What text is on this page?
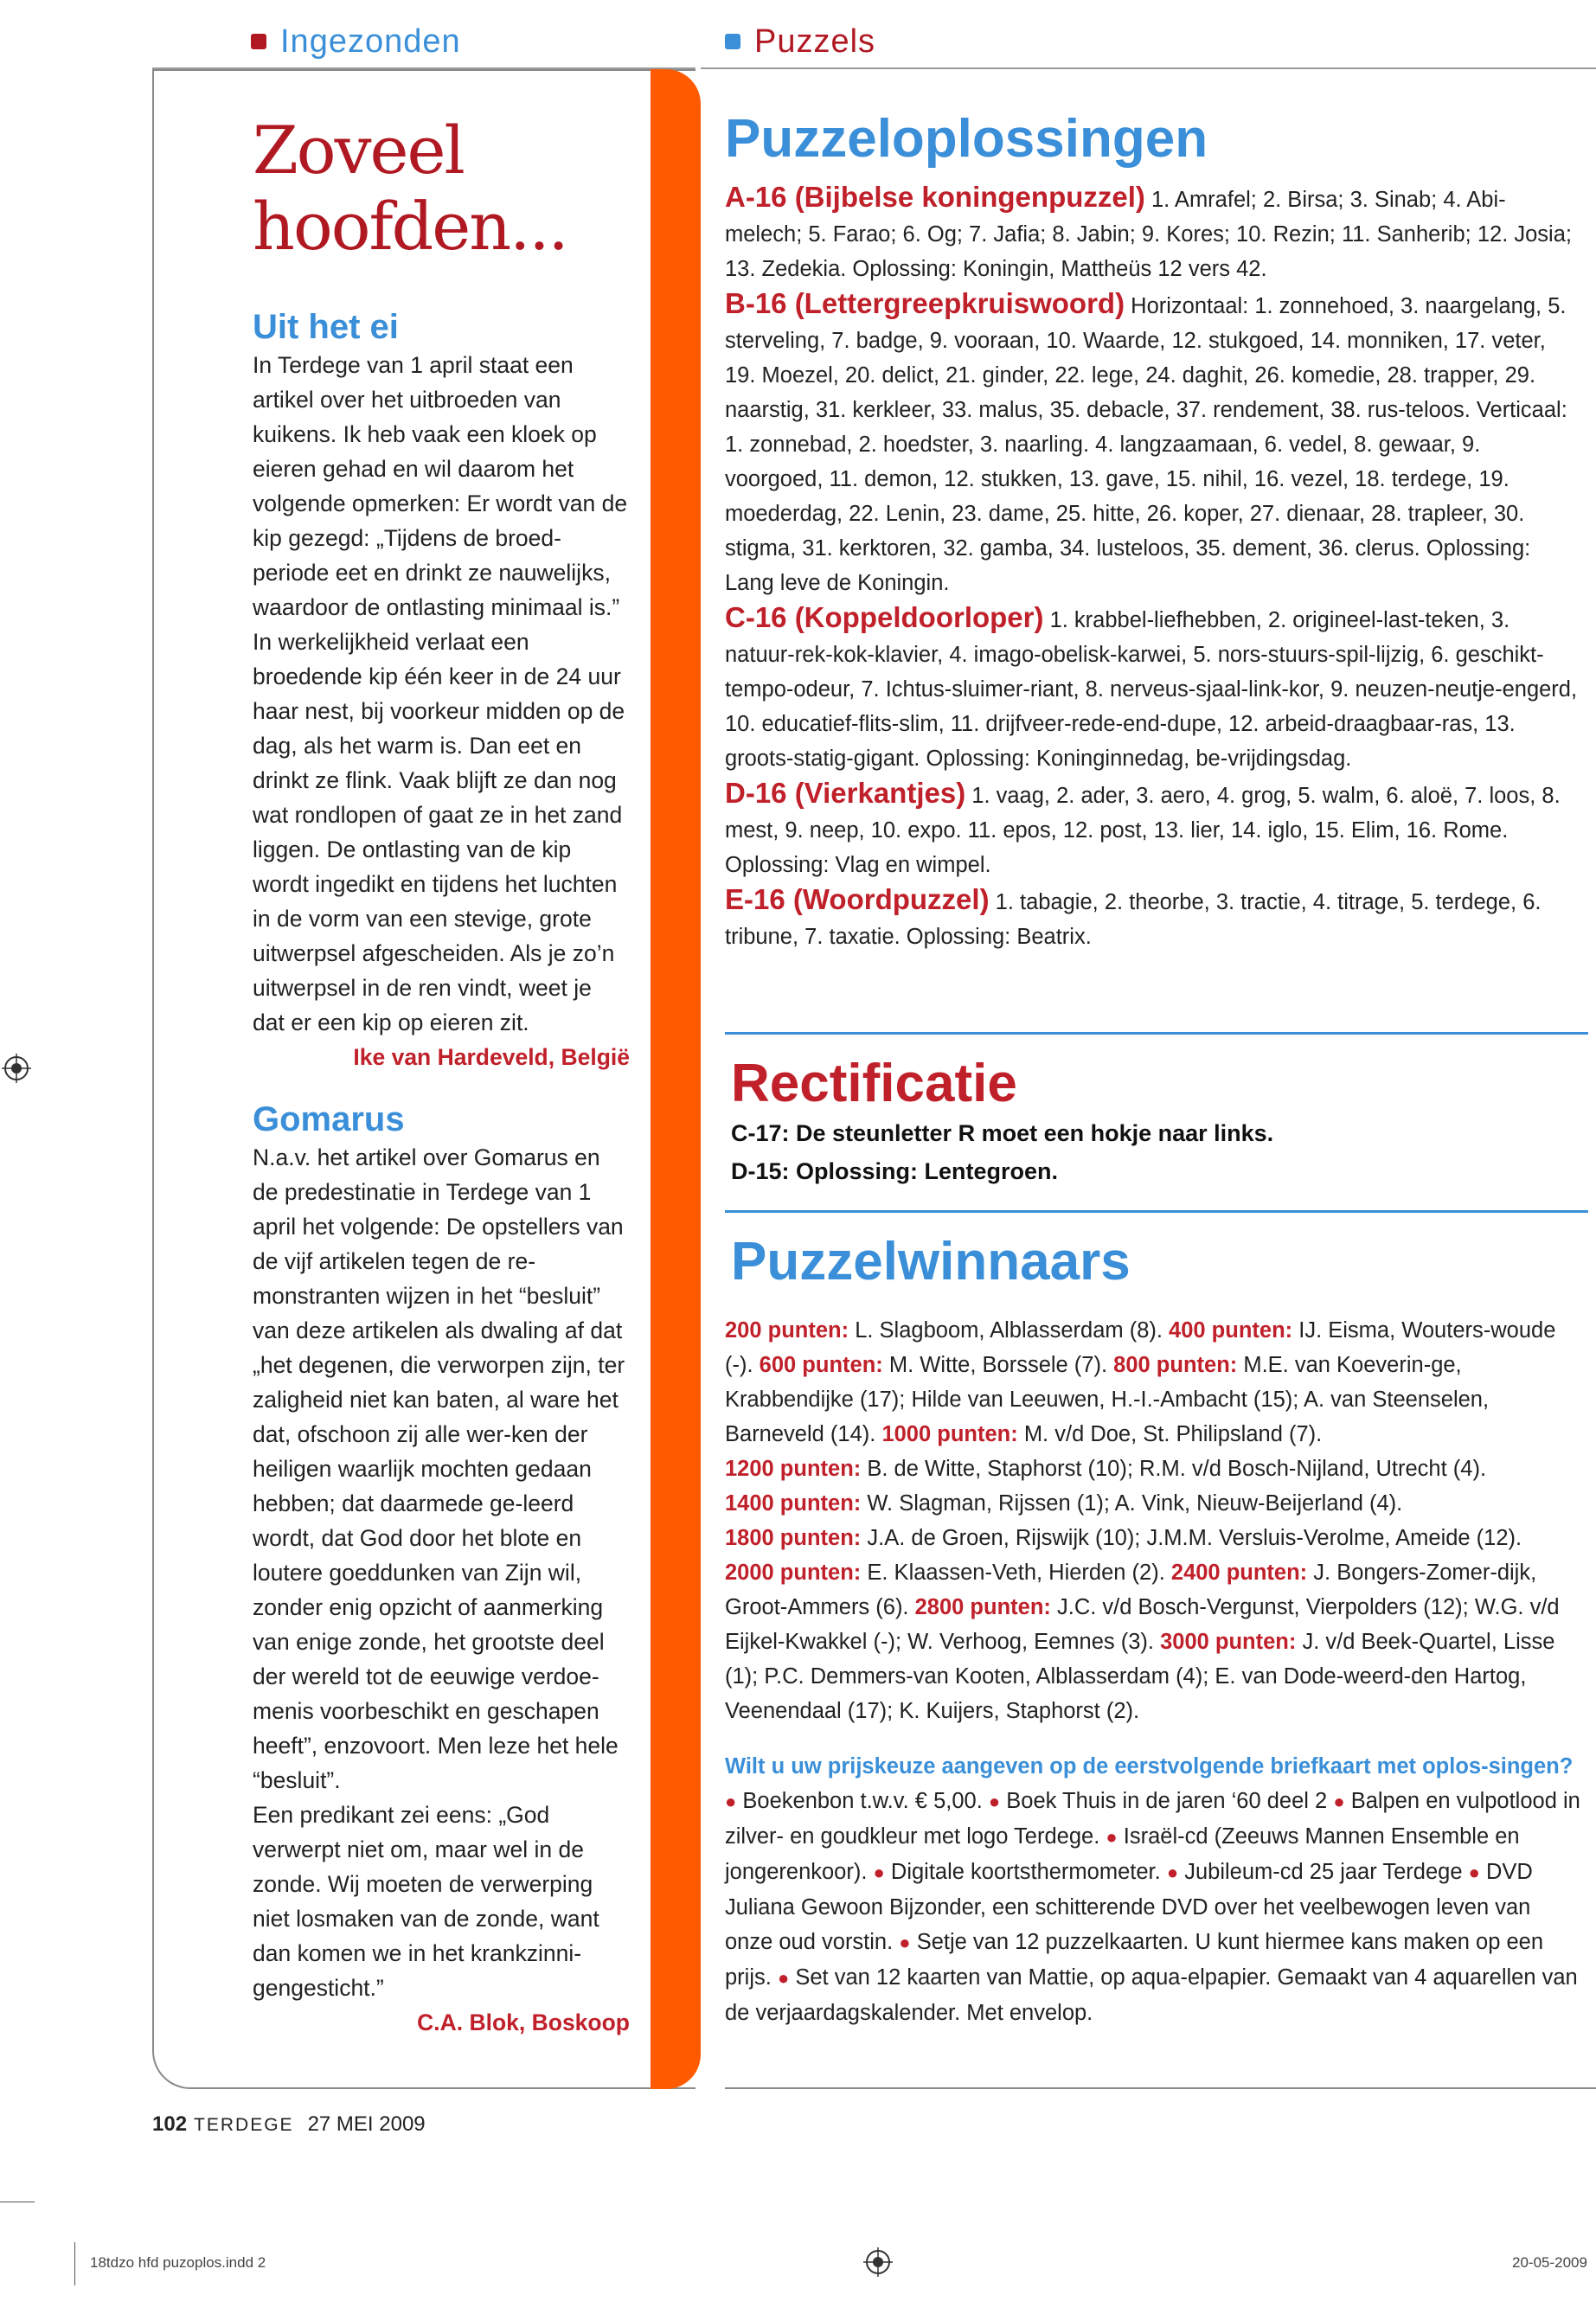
Ingezonden	Puzzels
Zoveel
hoofden...
Uit het ei
In Terdege van 1 april staat een artikel over het uitbroeden van kuikens. Ik heb vaak een kloek op eieren gehad en wil daarom het volgende opmerken: Er wordt van de kip gezegd: „Tijdens de broed-periode eet en drinkt ze nauwelijks, waardoor de ontlasting minimaal is.” In werkelijkheid verlaat een broedende kip één keer in de 24 uur haar nest, bij voorkeur midden op de dag, als het warm is. Dan eet en drinkt ze flink. Vaak blijft ze dan nog wat rondlopen of gaat ze in het zand liggen. De ontlasting van de kip wordt ingedikt en tijdens het luchten in de vorm van een stevige, grote uitwerpsel afgescheiden. Als je zo’n uitwerpsel in de ren vindt, weet je dat er een kip op eieren zit.
Ike van Hardeveld, België
Gomarus
N.a.v. het artikel over Gomarus en de predestinatie in Terdege van 1 april het volgende: De opstellers van de vijf artikelen tegen de re-monstranten wijzen in het “besluit” van deze artikelen als dwaling af dat „het degenen, die verworpen zijn, ter zaligheid niet kan baten, al ware het dat, ofschoon zij alle wer-ken der heiligen waarlijk mochten gedaan hebben; dat daarmede ge-leerd wordt, dat God door het blote en loutere goeddunken van Zijn wil, zonder enig opzicht of aanmerking van enige zonde, het grootste deel der wereld tot de eeuwige verdoe-menis voorbeschikt en geschapen heeft”, enzovoort. Men leze het hele “besluit”.
Een predikant zei eens: „God verwerpt niet om, maar wel in de zonde. Wij moeten de verwerping niet losmaken van de zonde, want dan komen we in het krankzinni-gengesticht.”
C.A. Blok, Boskoop
Puzzeloplossingen

A-16 (Bijbelse koningenpuzzel) 1. Amrafel; 2. Birsa; 3. Sinab; 4. Abi-melech; 5. Farao; 6. Og; 7. Jafia; 8. Jabin; 9. Kores; 10. Rezin; 11. Sanherib; 12. Josia; 13. Zedekia. Oplossing: Koningin, Mattheüs 12 vers 42.

B-16 (Lettergreepkruiswoord) Horizontaal: 1. zonnehoed, 3. naargelang, 5. sterveling, 7. badge, 9. vooraan, 10. Waarde, 12. stukgoed, 14. monniken, 17. veter, 19. Moezel, 20. delict, 21. ginder, 22. lege, 24. daghit, 26. komedie, 28. trapper, 29. naarstig, 31. kerkleer, 33. malus, 35. debacle, 37. rendement, 38. rus-teloos. Verticaal: 1. zonnebad, 2. hoedster, 3. naarling. 4. langzaamaan, 6. vedel, 8. gewaar, 9. voorgoed, 11. demon, 12. stukken, 13. gave, 15. nihil, 16. vezel, 18. terdege, 19. moederdag, 22. Lenin, 23. dame, 25. hitte, 26. koper, 27. dienaar, 28. trapleer, 30. stigma, 31. kerktoren, 32. gamba, 34. lusteloos, 35. dement, 36. clerus. Oplossing: Lang leve de Koningin.

C-16 (Koppeldoorloper) 1. krabbel-liefhebben, 2. origineel-last-teken, 3. natuur-rek-kok-klavier, 4. imago-obelisk-karwei, 5. nors-stuurs-spil-lijzig, 6. geschikt-tempo-odeur, 7. Ichtus-sluimer-riant, 8. nerveus-sjaal-link-kor, 9. neuzen-neutje-engerd, 10. educatief-flits-slim, 11. drijfveer-rede-end-dupe, 12. arbeid-draagbaar-ras, 13. groots-statig-gigant. Oplossing: Koninginnedag, be-vrijdingsdag.

D-16 (Vierkantjes) 1. vaag, 2. ader, 3. aero, 4. grog, 5. walm, 6. aloë, 7. loos, 8. mest, 9. neep, 10. expo. 11. epos, 12. post, 13. lier, 14. iglo, 15. Elim, 16. Rome. Oplossing: Vlag en wimpel.

E-16 (Woordpuzzel) 1. tabagie, 2. theorbe, 3. tractie, 4. titrage, 5. terdege, 6. tribune, 7. taxatie. Oplossing: Beatrix.

Rectificatie
C-17: De steunletter R moet een hokje naar links.
D-15: Oplossing: Lentegroen.
Puzzelwinnaars

200 punten: L. Slagboom, Alblasserdam (8). 400 punten: IJ. Eisma, Wouters-woude (-). 600 punten: M. Witte, Borssele (7). 800 punten: M.E. van Koeverin-ge, Krabbendijke (17); Hilde van Leeuwen, H.-I.-Ambacht (15); A. van Steenselen, Barneveld (14). 1000 punten: M. v/d Doe, St. Philipsland (7).

1200 punten: B. de Witte, Staphorst (10); R.M. v/d Bosch-Nijland, Utrecht (4).

1400 punten: W. Slagman, Rijssen (1); A. Vink, Nieuw-Beijerland (4).

1800 punten: J.A. de Groen, Rijswijk (10); J.M.M. Versluis-Verolme, Ameide (12).

2000 punten: E. Klaassen-Veth, Hierden (2). 2400 punten: J. Bongers-Zomer-dijk, Groot-Ammers (6). 2800 punten: J.C. v/d Bosch-Vergunst, Vierpolders (12); W.G. v/d Eijkel-Kwakkel (-); W. Verhoog, Eemnes (3). 3000 punten: J. v/d Beek-Quartel, Lisse (1); P.C. Demmers-van Kooten, Alblasserdam (4); E. van Dode-weerd-den Hartog, Veenendaal (17); K. Kuijers, Staphorst (2).

Wilt u uw prijskeuze aangeven op de eerstvolgende briefkaart met oplos-singen? ● Boekenbon t.w.v. € 5,00. ● Boek Thuis in de jaren ‘60 deel 2 ● Balpen en vulpotlood in zilver- en goudkleur met logo Terdege. ● Israël-cd (Zeeuws Mannen Ensemble en jongerenkoor). ● Digitale koortsthermometer. ● Jubileum-cd 25 jaar Terdege ● DVD Juliana Gewoon Bijzonder, een schitterende DVD over het veelbewogen leven van onze oud vorstin. ● Setje van 12 puzzelkaarten. U kunt hiermee kans maken op een prijs. ● Set van 12 kaarten van Mattie, op aqua-elpapier. Gemaakt van 4 aquarellen van de verjaardagskalender. Met envelop.

102 TERDEGE 27 MEI 2009
18tdzo hfd puzoplos.indd 2	20-05-2009
